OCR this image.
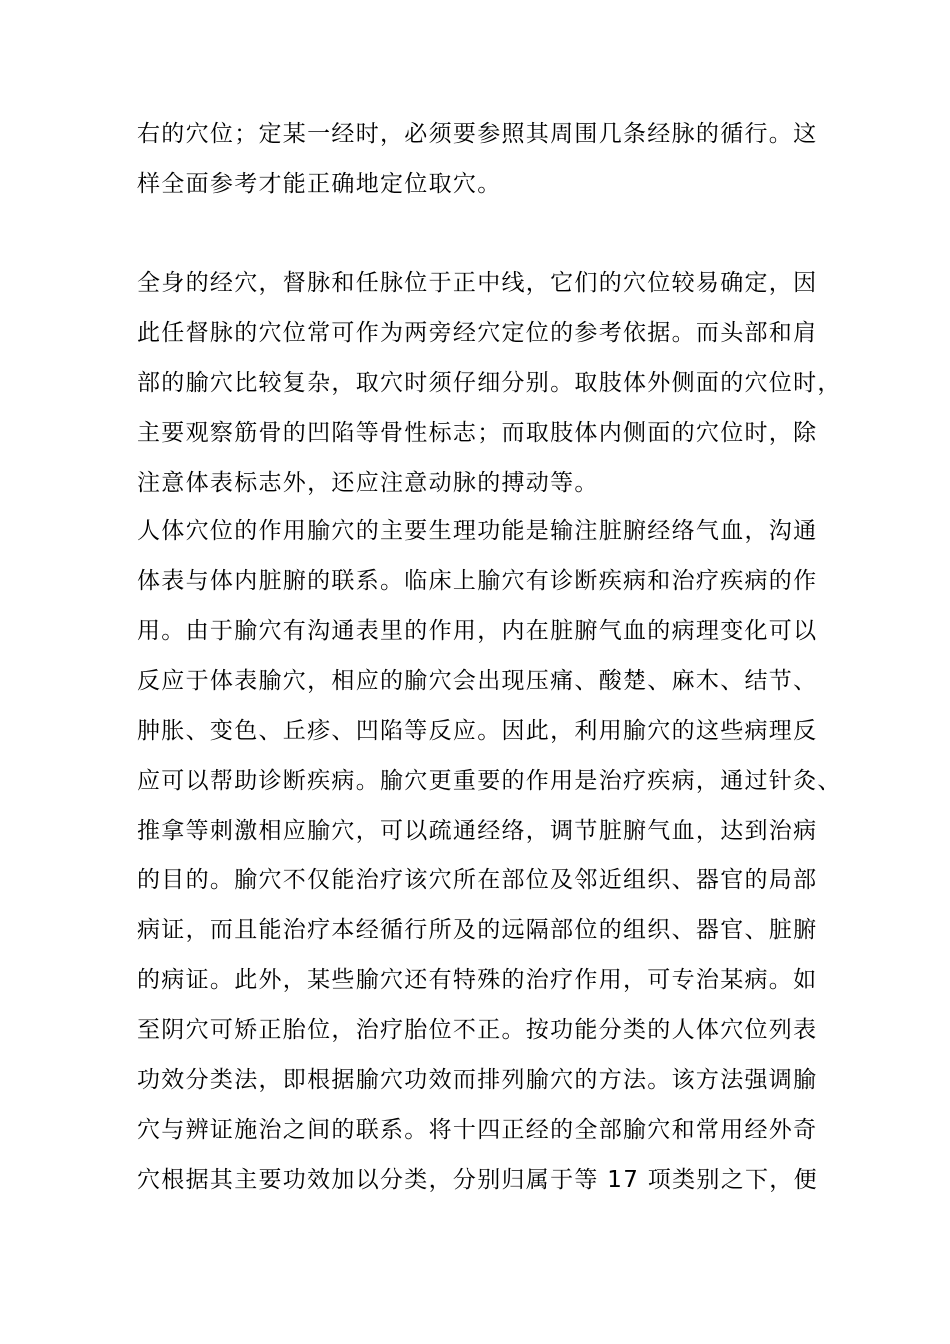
右的穴位；定某一经时，必须要参照其周围几条经脉的循行。这

样全面参考才能正确地定位取穴。

全身的经穴，督脉和任脉位于正中线，它们的穴位较易确定，因

此任督脉的穴位常可作为两旁经穴定位的参考依据。而头部和肩

部的腧穴比较复杂，取穴时须仔细分别。取肢体外侧面的穴位时，

主要观察筋骨的凹陷等骨性标志；而取肢体内侧面的穴位时，除

注意体表标志外，还应注意动脉的搏动等。

人体穴位的作用腧穴的主要生理功能是输注脏腑经络气血，沟通

体表与体内脏腑的联系。临床上腧穴有诊断疾病和治疗疾病的作

用。由于腧穴有沟通表里的作用，内在脏腑气血的病理变化可以

反应于体表腧穴，相应的腧穴会出现压痛、酸楚、麻木、结节、

肿胀、变色、丘疹、凹陷等反应。因此，利用腧穴的这些病理反

应可以帮助诊断疾病。腧穴更重要的作用是治疗疾病，通过针灸、

推拿等刺激相应腧穴，可以疏通经络，调节脏腑气血，达到治病

的目的。腧穴不仅能治疗该穴所在部位及邻近组织、器官的局部

病证，而且能治疗本经循行所及的远隔部位的组织、器官、脏腑

的病证。此外，某些腧穴还有特殊的治疗作用，可专治某病。如

至阴穴可矫正胎位，治疗胎位不正。按功能分类的人体穴位列表

功效分类法，即根据腧穴功效而排列腧穴的方法。该方法强调腧

穴与辨证施治之间的联系。将十四正经的全部腧穴和常用经外奇

穴根据其主要功效加以分类，分别归属于等 17 项类别之下，便
